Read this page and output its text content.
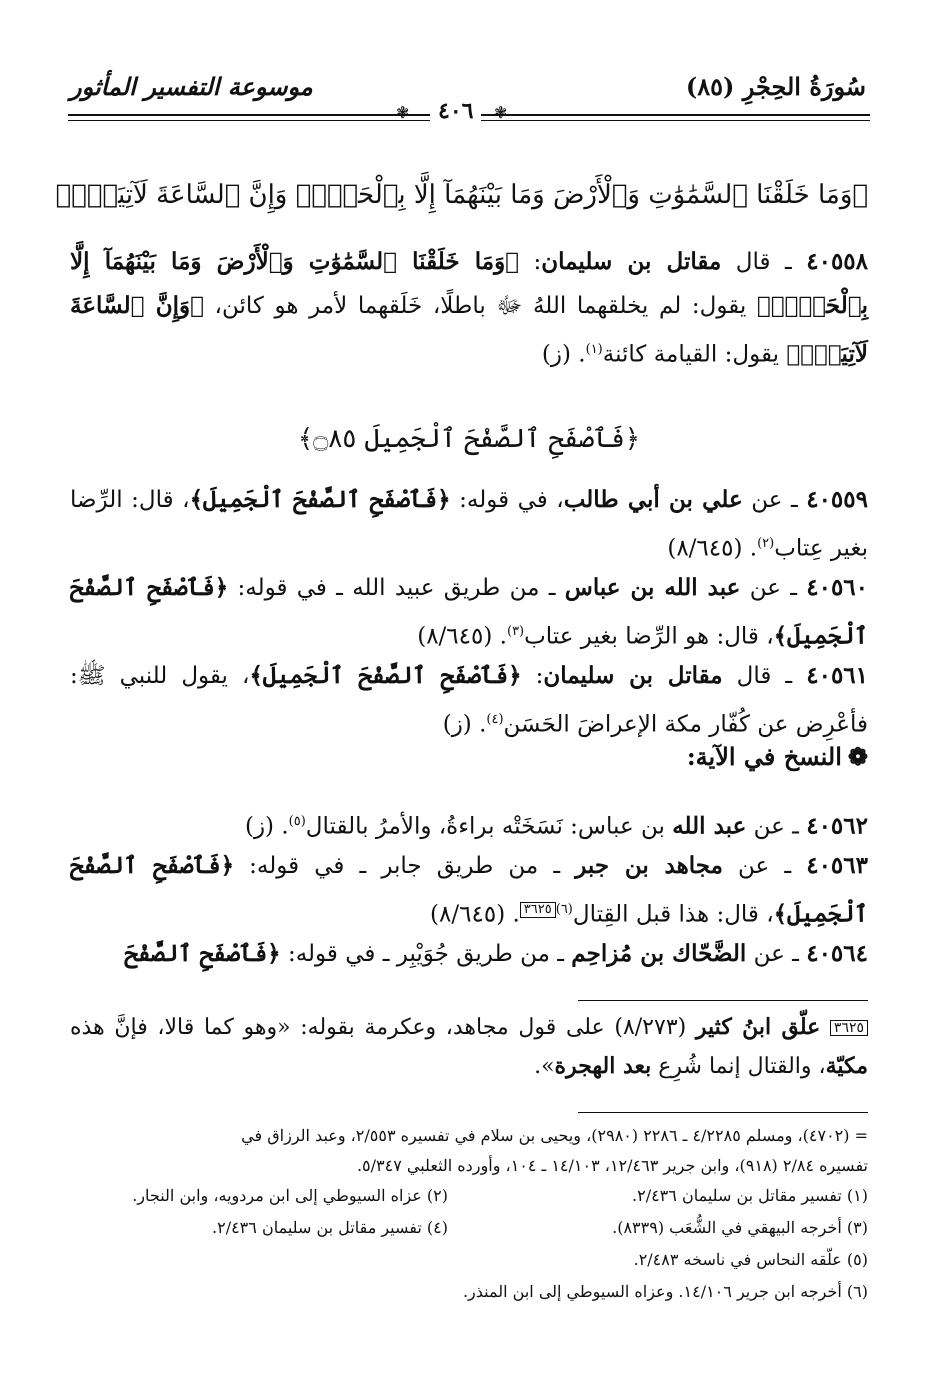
سُورَةُ الحِجْرِ (٨٥)
موسوعة التفسير المأثور
❃	٤٠٦	❃
﴿وَمَا خَلَقْنَا ٱلسَّمَٰوَٰتِ وَٱلْأَرْضَ وَمَا بَيْنَهُمَآ إِلَّا بِٱلْحَقِّۗ وَإِنَّ ٱلسَّاعَةَ لَآتِيَةٌۖ﴾
٤٠٥٥٨ ـ قال مقاتل بن سليمان: ﴿وَمَا خَلَقْنَا ٱلسَّمَٰوَٰتِ وَٱلْأَرْضَ وَمَا بَيْنَهُمَآ إِلَّا بِٱلْحَقِّۗ﴾ يقول: لم يخلقهما اللهُ ﷻ باطلًا، خَلَقهما لأمر هو كائن، ﴿وَإِنَّ ٱلسَّاعَةَ لَآتِيَةٌۖ﴾ يقول: القيامة كائنة$^{(١)}$. (ز)
﴿فَٱصْفَحِ ٱلصَّفْحَ ٱلْجَمِيلَ ۝٨٥﴾
٤٠٥٥٩ ـ عن علي بن أبي طالب، في قوله: ﴿فَٱصْفَحِ ٱلصَّفْحَ ٱلْجَمِيلَ﴾، قال: الرِّضا بغير عِتاب$^{(٢)}$. (٨/٦٤٥)
٤٠٥٦٠ ـ عن عبد الله بن عباس ـ من طريق عبيد الله ـ في قوله: ﴿فَٱصْفَحِ ٱلصَّفْحَ ٱلْجَمِيلَ﴾، قال: هو الرِّضا بغير عتاب$^{(٣)}$. (٨/٦٤٥)
٤٠٥٦١ ـ قال مقاتل بن سليمان: ﴿فَٱصْفَحِ ٱلصَّفْحَ ٱلْجَمِيلَ﴾، يقول للنبي ﷺ: فأعْرِض عن كُفّار مكة الإعراضَ الحَسَن$^{(٤)}$. (ز)
❁النسخ في الآية:
٤٠٥٦٢ ـ عن عبد الله بن عباس: نَسَخَتْه براءةُ، والأمرُ بالقتال$^{(٥)}$. (ز)
٤٠٥٦٣ ـ عن مجاهد بن جبر ـ من طريق جابر ـ في قوله: ﴿فَٱصْفَحِ ٱلصَّفْحَ ٱلْجَمِيلَ﴾، قال: هذا قبل القِتال$^{(٦)}$٣٦٢٥. (٨/٦٤٥)
٤٠٥٦٤ ـ عن الضَّحّاك بن مُزاحِم ـ من طريق جُوَيْبِر ـ في قوله: ﴿فَٱصْفَحِ ٱلصَّفْحَ
٣٦٢٥ علّق ابنُ كثير (٨/٢٧٣) على قول مجاهد، وعكرمة بقوله: «وهو كما قالا، فإنَّ هذه مكيّة، والقتال إنما شُرِع بعد الهجرة».
= (٤٧٠٢)، ومسلم ٤/٢٢٨٥ ـ ٢٢٨٦ (٢٩٨٠)، ويحيى بن سلام في تفسيره ٢/٥٥٣، وعبد الرزاق في
تفسيره ٢/٨٤ (٩١٨)، وابن جرير ١٢/٤٦٣، ١٤/١٠٣ ـ ١٠٤، وأورده الثعلبي ٥/٣٤٧.
(١) تفسير مقاتل بن سليمان ٢/٤٣٦.
(٢) عزاه السيوطي إلى ابن مردويه، وابن النجار.
(٣) أخرجه البيهقي في الشُّعَب (٨٣٣٩).
(٤) تفسير مقاتل بن سليمان ٢/٤٣٦.
(٥) علّقه النحاس في ناسخه ٢/٤٨٣.
(٦) أخرجه ابن جرير ١٤/١٠٦. وعزاه السيوطي إلى ابن المنذر.
